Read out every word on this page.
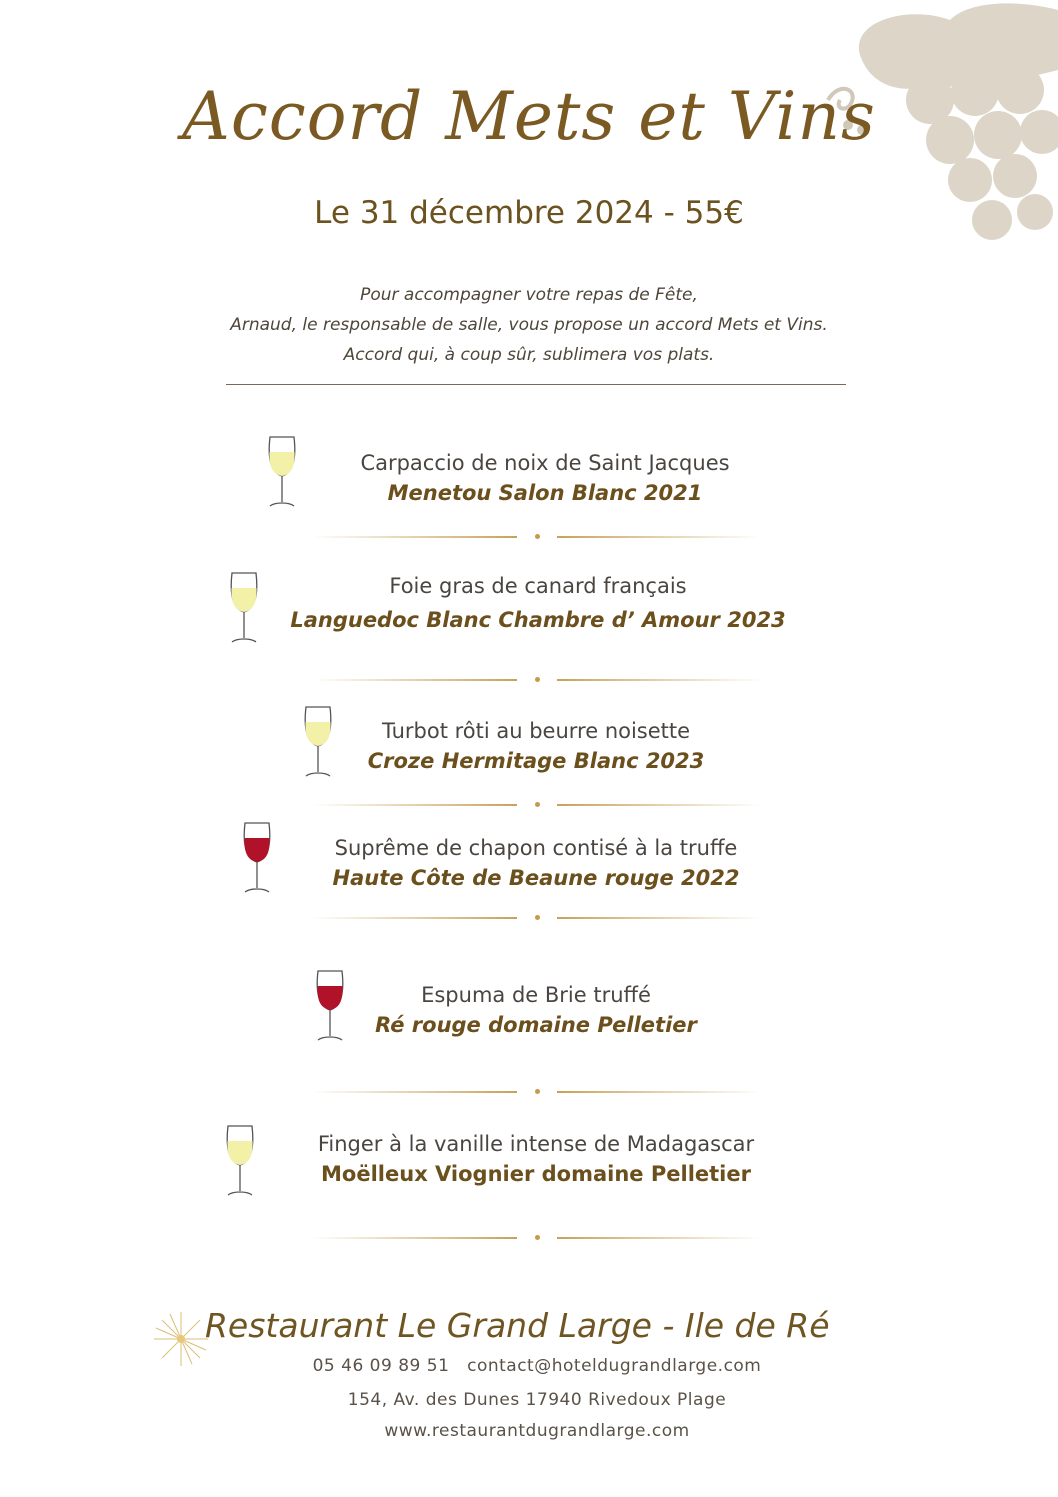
Accord Mets et Vins
Le 31 décembre 2024 - 55€
Pour accompagner votre repas de Fête,
Arnaud, le responsable de salle, vous propose un accord Mets et Vins.
Accord qui, à coup sûr, sublimera vos plats.
Carpaccio de noix de Saint Jacques
Menetou Salon Blanc 2021
Foie gras de canard français
Languedoc Blanc Chambre d’ Amour 2023
Turbot rôti au beurre noisette
Croze Hermitage Blanc 2023
Suprême de chapon contisé à la truffe
Haute Côte de Beaune rouge 2022
Espuma de Brie truffé
Ré rouge domaine Pelletier
Finger à la vanille intense de Madagascar
Moëlleux Viognier domaine Pelletier
Restaurant Le Grand Large - Ile de Ré
05 46 09 89 51 contact@hoteldugrandlarge.com
154, Av. des Dunes 17940 Rivedoux Plage
www.restaurantdugrandlarge.com
